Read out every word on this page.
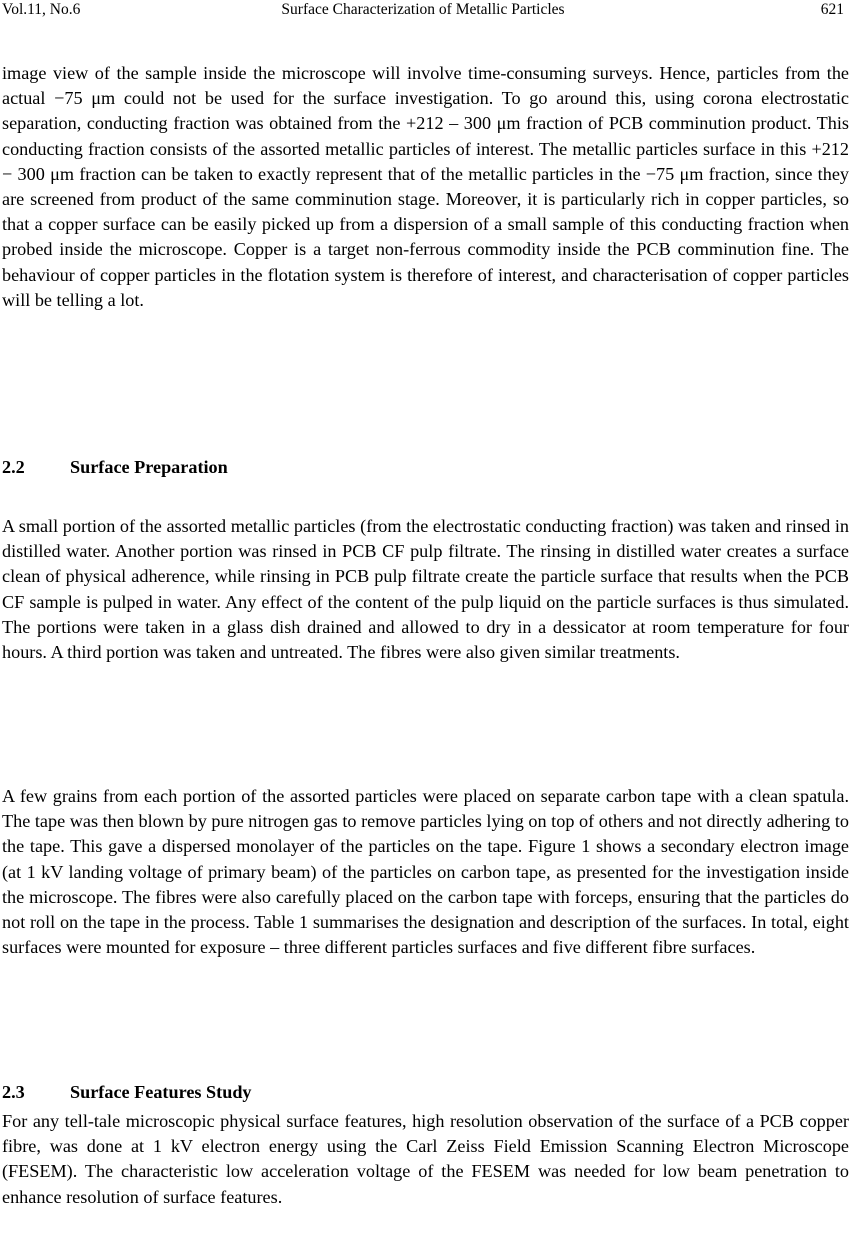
Vol.11, No.6	Surface Characterization of Metallic Particles	621

image view of the sample inside the microscope will involve time-consuming surveys. Hence, particles from the actual −75 μm could not be used for the surface investigation. To go around this, using corona electrostatic separation, conducting fraction was obtained from the +212 – 300 μm fraction of PCB comminution product. This conducting fraction consists of the assorted metallic particles of interest. The metallic particles surface in this +212 − 300 μm fraction can be taken to exactly represent that of the metallic particles in the −75 μm fraction, since they are screened from product of the same comminution stage. Moreover, it is particularly rich in copper particles, so that a copper surface can be easily picked up from a dispersion of a small sample of this conducting fraction when probed inside the microscope. Copper is a target non-ferrous commodity inside the PCB comminution fine. The behaviour of copper particles in the flotation system is therefore of interest, and characterisation of copper particles will be telling a lot.

2.2 Surface Preparation

A small portion of the assorted metallic particles (from the electrostatic conducting fraction) was taken and rinsed in distilled water. Another portion was rinsed in PCB CF pulp filtrate. The rinsing in distilled water creates a surface clean of physical adherence, while rinsing in PCB pulp filtrate create the particle surface that results when the PCB CF sample is pulped in water. Any effect of the content of the pulp liquid on the particle surfaces is thus simulated. The portions were taken in a glass dish drained and allowed to dry in a dessicator at room temperature for four hours. A third portion was taken and untreated. The fibres were also given similar treatments.

A few grains from each portion of the assorted particles were placed on separate carbon tape with a clean spatula. The tape was then blown by pure nitrogen gas to remove particles lying on top of others and not directly adhering to the tape. This gave a dispersed monolayer of the particles on the tape. Figure 1 shows a secondary electron image (at 1 kV landing voltage of primary beam) of the particles on carbon tape, as presented for the investigation inside the microscope. The fibres were also carefully placed on the carbon tape with forceps, ensuring that the particles do not roll on the tape in the process. Table 1 summarises the designation and description of the surfaces. In total, eight surfaces were mounted for exposure – three different particles surfaces and five different fibre surfaces.

2.3 Surface Features Study

For any tell-tale microscopic physical surface features, high resolution observation of the surface of a PCB copper fibre, was done at 1 kV electron energy using the Carl Zeiss Field Emission Scanning Electron Microscope (FESEM). The characteristic low acceleration voltage of the FESEM was needed for low beam penetration to enhance resolution of surface features.
